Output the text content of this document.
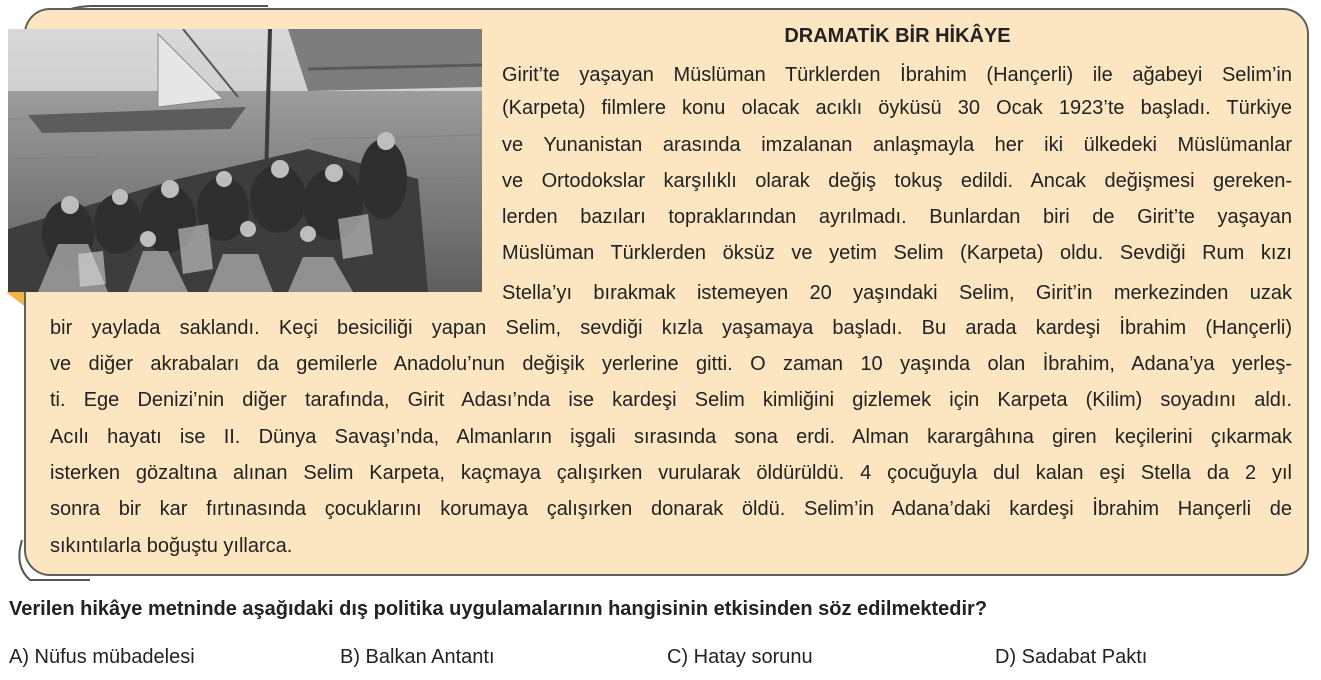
DRAMATİK BİR HİKÂYE
Girit’te yaşayan Müslüman Türklerden İbrahim (Hançerli) ile ağabeyi Selim’in
(Karpeta) filmlere konu olacak acıklı öyküsü 30 Ocak 1923’te başladı. Türkiye
ve Yunanistan arasında imzalanan anlaşmayla her iki ülkedeki Müslümanlar
ve Ortodokslar karşılıklı olarak değiş tokuş edildi. Ancak değişmesi gereken-
lerden bazıları topraklarından ayrılmadı. Bunlardan biri de Girit’te yaşayan
Müslüman Türklerden öksüz ve yetim Selim (Karpeta) oldu. Sevdiği Rum kızı
Stella’yı bırakmak istemeyen 20 yaşındaki Selim, Girit’in merkezinden uzak
bir yaylada saklandı. Keçi besiciliği yapan Selim, sevdiği kızla yaşamaya başladı. Bu arada kardeşi İbrahim (Hançerli)
ve diğer akrabaları da gemilerle Anadolu’nun değişik yerlerine gitti. O zaman 10 yaşında olan İbrahim, Adana’ya yerleş-
ti. Ege Denizi’nin diğer tarafında, Girit Adası’nda ise kardeşi Selim kimliğini gizlemek için Karpeta (Kilim) soyadını aldı.
Acılı hayatı ise II. Dünya Savaşı’nda, Almanların işgali sırasında sona erdi. Alman karargâhına giren keçilerini çıkarmak
isterken gözaltına alınan Selim Karpeta, kaçmaya çalışırken vurularak öldürüldü. 4 çocuğuyla dul kalan eşi Stella da 2 yıl
sonra bir kar fırtınasında çocuklarını korumaya çalışırken donarak öldü. Selim’in Adana’daki kardeşi İbrahim Hançerli de
sıkıntılarla boğuştu yıllarca.

Verilen hikâye metninde aşağıdaki dış politika uygulamalarının hangisinin etkisinden söz edilmektedir?

A) Nüfus mübadelesi	B) Balkan Antantı	C) Hatay sorunu	D) Sadabat Paktı
